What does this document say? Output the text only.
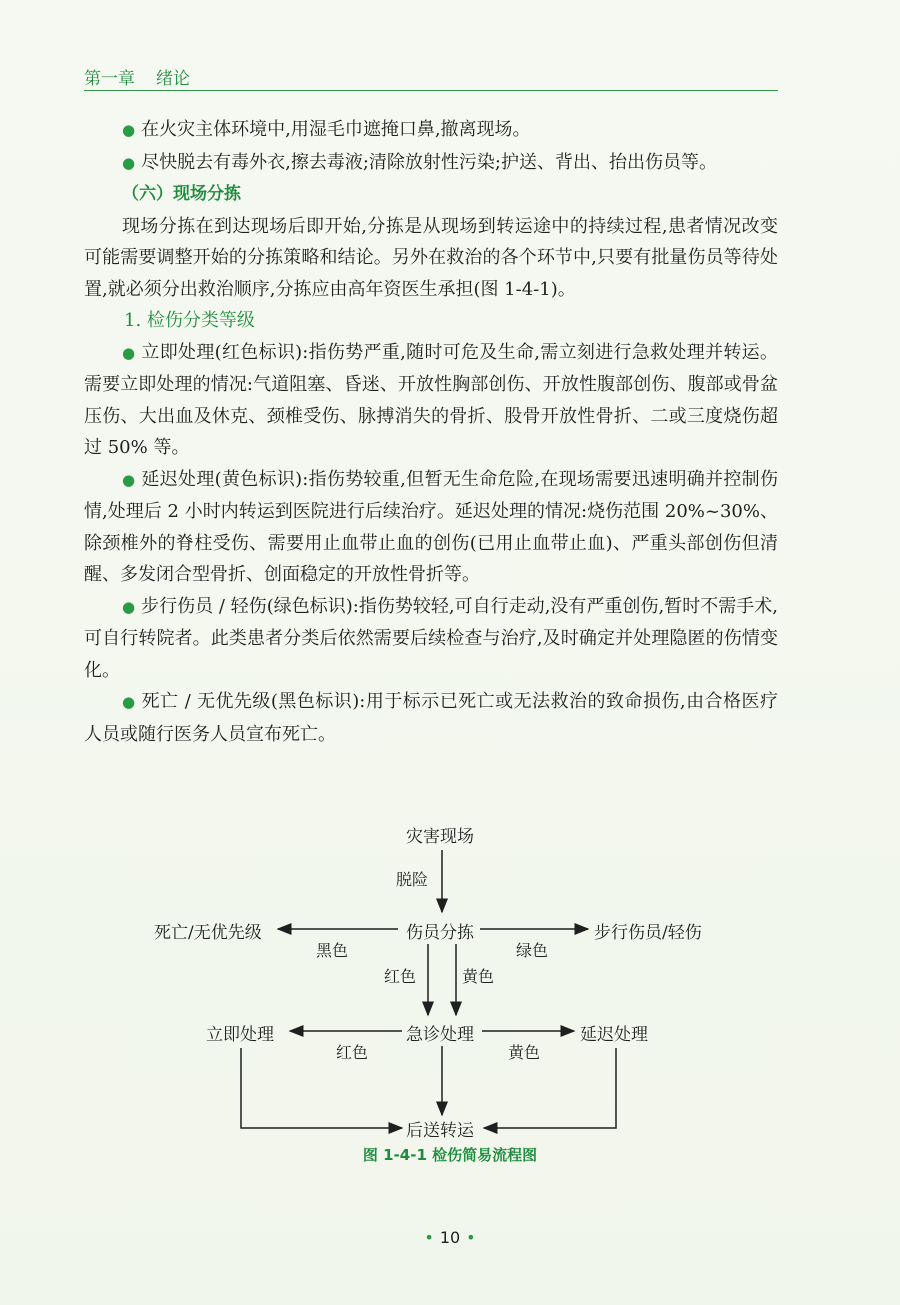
第一章 绪论

● 在火灾主体环境中,用湿毛巾遮掩口鼻,撤离现场。

● 尽快脱去有毒外衣,擦去毒液;清除放射性污染;护送、背出、抬出伤员等。

（六）现场分拣

现场分拣在到达现场后即开始,分拣是从现场到转运途中的持续过程,患者情况改变可能需要调整开始的分拣策略和结论。另外在救治的各个环节中,只要有批量伤员等待处置,就必须分出救治顺序,分拣应由高年资医生承担(图 1-4-1)。

1. 检伤分类等级

● 立即处理(红色标识):指伤势严重,随时可危及生命,需立刻进行急救处理并转运。需要立即处理的情况:气道阻塞、昏迷、开放性胸部创伤、开放性腹部创伤、腹部或骨盆压伤、大出血及休克、颈椎受伤、脉搏消失的骨折、股骨开放性骨折、二或三度烧伤超过 50% 等。

● 延迟处理(黄色标识):指伤势较重,但暂无生命危险,在现场需要迅速明确并控制伤情,处理后 2 小时内转运到医院进行后续治疗。延迟处理的情况:烧伤范围 20%~30%、除颈椎外的脊柱受伤、需要用止血带止血的创伤(已用止血带止血)、严重头部创伤但清醒、多发闭合型骨折、创面稳定的开放性骨折等。

● 步行伤员 / 轻伤(绿色标识):指伤势较轻,可自行走动,没有严重创伤,暂时不需手术,可自行转院者。此类患者分类后依然需要后续检查与治疗,及时确定并处理隐匿的伤情变化。

● 死亡 / 无优先级(黑色标识):用于标示已死亡或无法救治的致命损伤,由合格医疗人员或随行医务人员宣布死亡。

灾害现场
伤员分拣
死亡/无优先级	步行伤员/轻伤
急诊处理
立即处理	延迟处理
后送转运
脱险
黑色	绿色
红色	黄色
红色	黄色
图 1-4-1 检伤简易流程图
• 10 •
